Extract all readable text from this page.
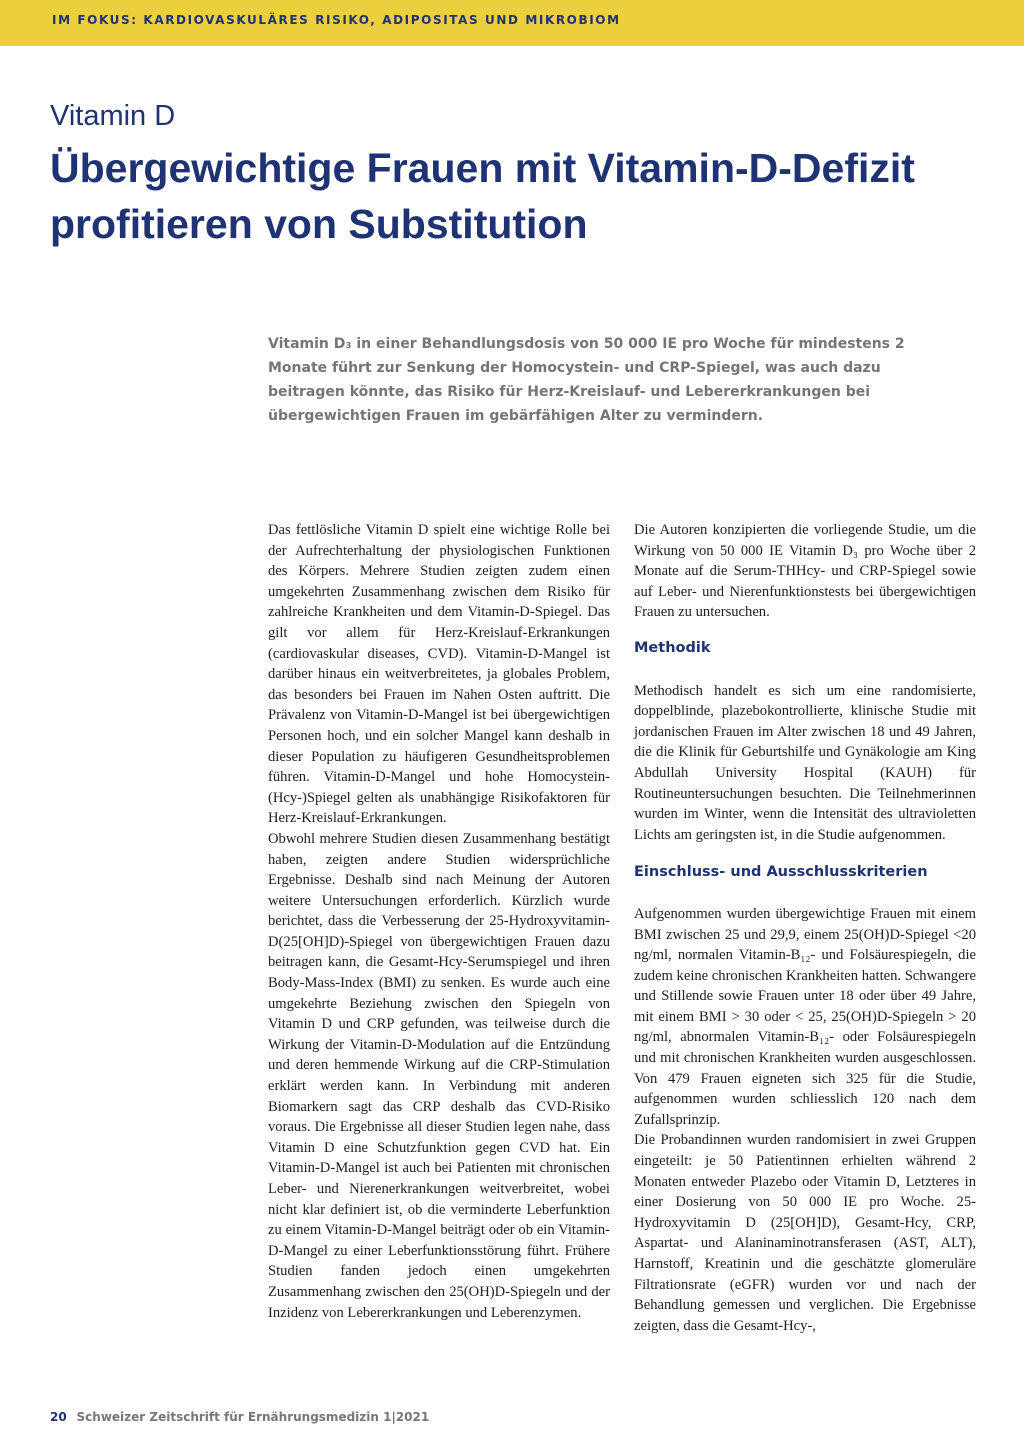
IM FOKUS: KARDIOVASKULÄRES RISIKO, ADIPOSITAS UND MIKROBIOM
Vitamin D
Übergewichtige Frauen mit Vitamin-D-Defizit profitieren von Substitution
Vitamin D₃ in einer Behandlungsdosis von 50 000 IE pro Woche für mindestens 2 Monate führt zur Senkung der Homocystein- und CRP-Spiegel, was auch dazu beitragen könnte, das Risiko für Herz-Kreislauf- und Lebererkrankungen bei übergewichtigen Frauen im gebärfähigen Alter zu vermindern.

Das fettlösliche Vitamin D spielt eine wichtige Rolle bei der Aufrechterhaltung der physiologischen Funktionen des Körpers. Mehrere Studien zeigten zudem einen umgekehrten Zusammenhang zwischen dem Risiko für zahlreiche Krankheiten und dem Vitamin-D-Spiegel. Das gilt vor allem für Herz-Kreislauf-Erkrankungen (cardiovaskular diseases, CVD). Vitamin-D-Mangel ist darüber hinaus ein weitverbreitetes, ja globales Problem, das besonders bei Frauen im Nahen Osten auftritt. Die Prävalenz von Vitamin-D-Mangel ist bei übergewichtigen Personen hoch, und ein solcher Mangel kann deshalb in dieser Population zu häufigeren Gesundheitsproblemen führen. Vitamin-D-Mangel und hohe Homocystein-(Hcy-)Spiegel gelten als unabhängige Risikofaktoren für Herz-Kreislauf-Erkrankungen.

Obwohl mehrere Studien diesen Zusammenhang bestätigt haben, zeigten andere Studien widersprüchliche Ergebnisse. Deshalb sind nach Meinung der Autoren weitere Untersuchungen erforderlich. Kürzlich wurde berichtet, dass die Verbesserung der 25-Hydroxyvitamin-D(25[OH]D)-Spiegel von übergewichtigen Frauen dazu beitragen kann, die Gesamt-Hcy-Serumspiegel und ihren Body-Mass-Index (BMI) zu senken. Es wurde auch eine umgekehrte Beziehung zwischen den Spiegeln von Vitamin D und CRP gefunden, was teilweise durch die Wirkung der Vitamin-D-Modulation auf die Entzündung und deren hemmende Wirkung auf die CRP-Stimulation erklärt werden kann. In Verbindung mit anderen Biomarkern sagt das CRP deshalb das CVD-Risiko voraus. Die Ergebnisse all dieser Studien legen nahe, dass Vitamin D eine Schutzfunktion gegen CVD hat. Ein Vitamin-D-Mangel ist auch bei Patienten mit chronischen Leber- und Nierenerkrankungen weitverbreitet, wobei nicht klar definiert ist, ob die verminderte Leberfunktion zu einem Vitamin-D-Mangel beiträgt oder ob ein Vitamin-D-Mangel zu einer Leberfunktionsstörung führt. Frühere Studien fanden jedoch einen umgekehrten Zusammenhang zwischen den 25(OH)D-Spiegeln und der Inzidenz von Lebererkrankungen und Leberenzymen.

Die Autoren konzipierten die vorliegende Studie, um die Wirkung von 50 000 IE Vitamin D₃ pro Woche über 2 Monate auf die Serum-THHcy- und CRP-Spiegel sowie auf Leber- und Nierenfunktionstests bei übergewichtigen Frauen zu untersuchen.

Methodik

Methodisch handelt es sich um eine randomisierte, doppelblinde, plazebokontrollierte, klinische Studie mit jordanischen Frauen im Alter zwischen 18 und 49 Jahren, die die Klinik für Geburtshilfe und Gynäkologie am King Abdullah University Hospital (KAUH) für Routineuntersuchungen besuchten. Die Teilnehmerinnen wurden im Winter, wenn die Intensität des ultravioletten Lichts am geringsten ist, in die Studie aufgenommen.

Einschluss- und Ausschlusskriterien

Aufgenommen wurden übergewichtige Frauen mit einem BMI zwischen 25 und 29,9, einem 25(OH)D-Spiegel <20 ng/ml, normalen Vitamin-B₁₂- und Folsäurespiegeln, die zudem keine chronischen Krankheiten hatten. Schwangere und Stillende sowie Frauen unter 18 oder über 49 Jahre, mit einem BMI > 30 oder < 25, 25(OH)D-Spiegeln > 20 ng/ml, abnormalen Vitamin-B₁₂- oder Folsäurespiegeln und mit chronischen Krankheiten wurden ausgeschlossen. Von 479 Frauen eigneten sich 325 für die Studie, aufgenommen wurden schliesslich 120 nach dem Zufallsprinzip.

Die Probandinnen wurden randomisiert in zwei Gruppen eingeteilt: je 50 Patientinnen erhielten während 2 Monaten entweder Plazebo oder Vitamin D, Letzteres in einer Dosierung von 50 000 IE pro Woche. 25-Hydroxyvitamin D (25[OH]D), Gesamt-Hcy, CRP, Aspartat- und Alaninaminotransferasen (AST, ALT), Harnstoff, Kreatinin und die geschätzte glomeruläre Filtrationsrate (eGFR) wurden vor und nach der Behandlung gemessen und verglichen. Die Ergebnisse zeigten, dass die Gesamt-Hcy-,

20 Schweizer Zeitschrift für Ernährungsmedizin 1|2021
